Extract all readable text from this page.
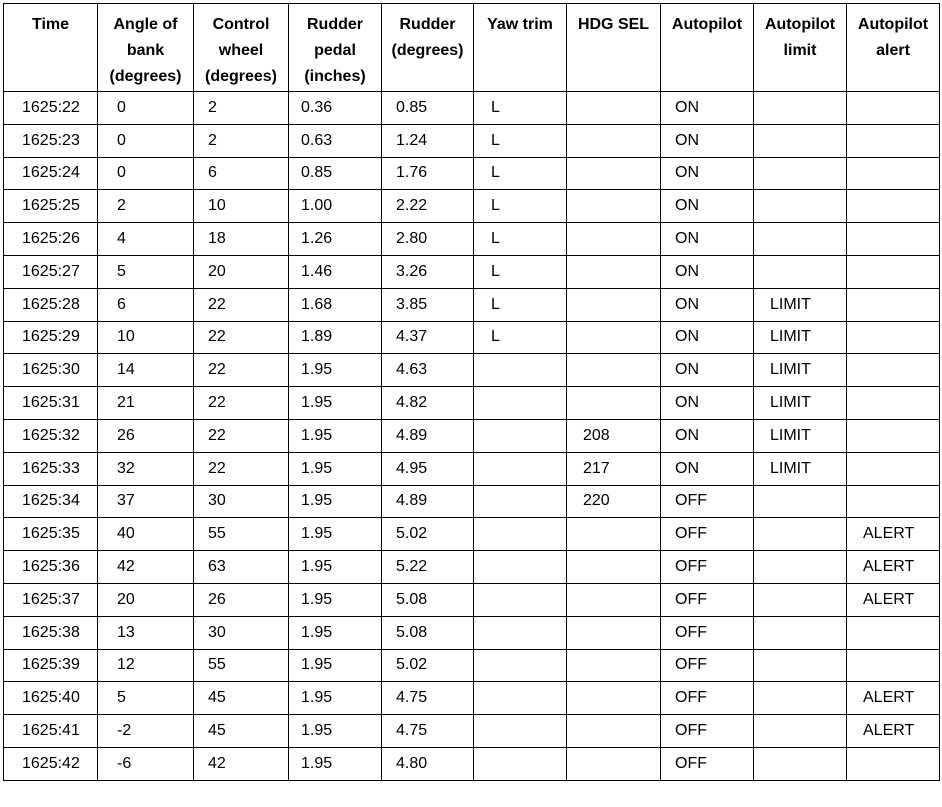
Time	Angle of bank (degrees)	Control wheel (degrees)	Rudder pedal (inches)	Rudder (degrees)	Yaw trim	HDG SEL	Autopilot	Autopilot limit	Autopilot alert
1625:22	0	2	0.36	0.85	L		ON		
1625:23	0	2	0.63	1.24	L		ON		
1625:24	0	6	0.85	1.76	L		ON		
1625:25	2	10	1.00	2.22	L		ON		
1625:26	4	18	1.26	2.80	L		ON		
1625:27	5	20	1.46	3.26	L		ON		
1625:28	6	22	1.68	3.85	L		ON	LIMIT	
1625:29	10	22	1.89	4.37	L		ON	LIMIT	
1625:30	14	22	1.95	4.63			ON	LIMIT	
1625:31	21	22	1.95	4.82			ON	LIMIT	
1625:32	26	22	1.95	4.89		208	ON	LIMIT	
1625:33	32	22	1.95	4.95		217	ON	LIMIT	
1625:34	37	30	1.95	4.89		220	OFF		
1625:35	40	55	1.95	5.02			OFF		ALERT
1625:36	42	63	1.95	5.22			OFF		ALERT
1625:37	20	26	1.95	5.08			OFF		ALERT
1625:38	13	30	1.95	5.08			OFF		
1625:39	12	55	1.95	5.02			OFF		
1625:40	5	45	1.95	4.75			OFF		ALERT
1625:41	-2	45	1.95	4.75			OFF		ALERT
1625:42	-6	42	1.95	4.80			OFF		
